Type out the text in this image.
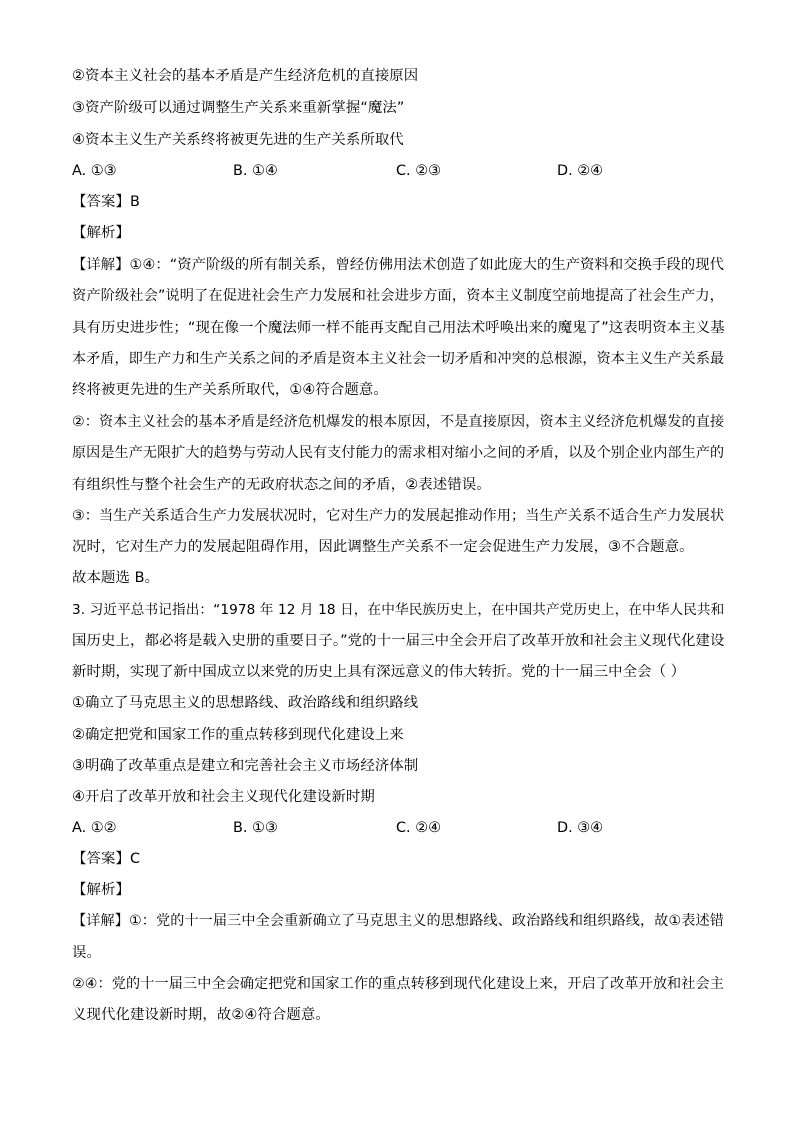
②资本主义社会的基本矛盾是产生经济危机的直接原因
③资产阶级可以通过调整生产关系来重新掌握“魔法”
④资本主义生产关系终将被更先进的生产关系所取代
A. ①③	B. ①④	C. ②③	D. ②④
【答案】B
【解析】
【详解】①④：“资产阶级的所有制关系，曾经仿佛用法术创造了如此庞大的生产资料和交换手段的现代
资产阶级社会”说明了在促进社会生产力发展和社会进步方面，资本主义制度空前地提高了社会生产力，
具有历史进步性；“现在像一个魔法师一样不能再支配自己用法术呼唤出来的魔鬼了”这表明资本主义基
本矛盾，即生产力和生产关系之间的矛盾是资本主义社会一切矛盾和冲突的总根源，资本主义生产关系最
终将被更先进的生产关系所取代，①④符合题意。
②：资本主义社会的基本矛盾是经济危机爆发的根本原因，不是直接原因，资本主义经济危机爆发的直接
原因是生产无限扩大的趋势与劳动人民有支付能力的需求相对缩小之间的矛盾，以及个别企业内部生产的
有组织性与整个社会生产的无政府状态之间的矛盾，②表述错误。
③：当生产关系适合生产力发展状况时，它对生产力的发展起推动作用；当生产关系不适合生产力发展状
况时，它对生产力的发展起阻碍作用，因此调整生产关系不一定会促进生产力发展，③不合题意。
故本题选 B。
3. 习近平总书记指出：“1978 年 12 月 18 日，在中华民族历史上，在中国共产党历史上，在中华人民共和
国历史上，都必将是载入史册的重要日子。”党的十一届三中全会开启了改革开放和社会主义现代化建设
新时期，实现了新中国成立以来党的历史上具有深远意义的伟大转折。党的十一届三中全会（ ）
①确立了马克思主义的思想路线、政治路线和组织路线
②确定把党和国家工作的重点转移到现代化建设上来
③明确了改革重点是建立和完善社会主义市场经济体制
④开启了改革开放和社会主义现代化建设新时期
A. ①②	B. ①③	C. ②④	D. ③④
【答案】C
【解析】
【详解】①：党的十一届三中全会重新确立了马克思主义的思想路线、政治路线和组织路线，故①表述错
误。
②④：党的十一届三中全会确定把党和国家工作的重点转移到现代化建设上来，开启了改革开放和社会主
义现代化建设新时期，故②④符合题意。
